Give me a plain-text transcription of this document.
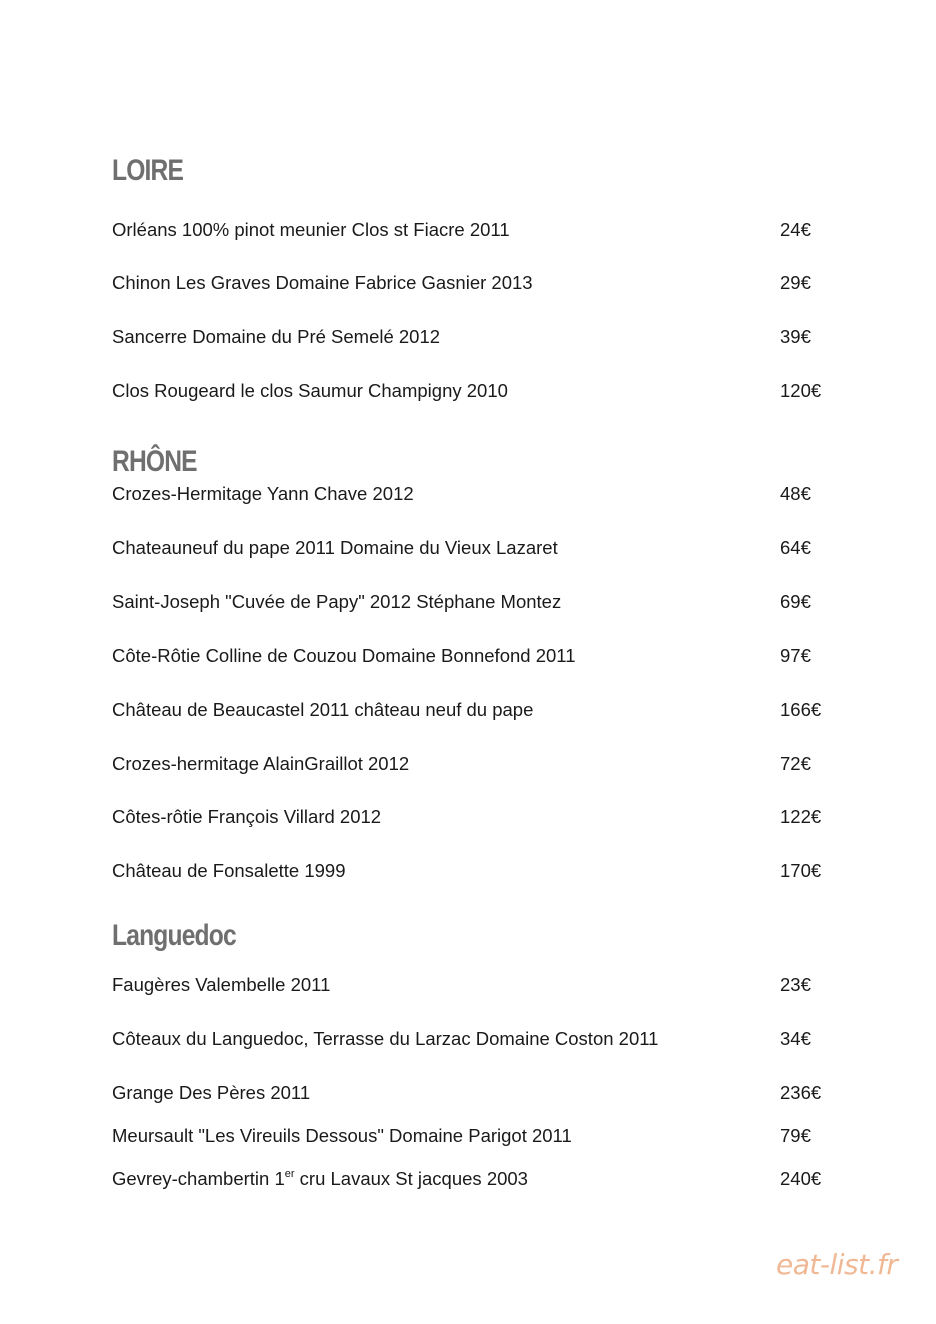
LOIRE
Orléans 100% pinot meunier Clos st Fiacre 2011	24€
Chinon Les Graves Domaine Fabrice Gasnier 2013	29€
Sancerre Domaine du Pré Semelé 2012	39€
Clos Rougeard le clos Saumur Champigny 2010	120€
RHÔNE
Crozes-Hermitage Yann Chave 2012	48€
Chateauneuf du pape 2011 Domaine du Vieux Lazaret	64€
Saint-Joseph "Cuvée de Papy" 2012 Stéphane Montez	69€
Côte-Rôtie Colline de Couzou Domaine Bonnefond 2011	97€
Château de Beaucastel 2011 château neuf du pape	166€
Crozes-hermitage AlainGraillot 2012	72€
Côtes-rôtie François Villard 2012	122€
Château de Fonsalette 1999	170€
Languedoc
Faugères Valembelle 2011	23€
Côteaux du Languedoc, Terrasse du Larzac Domaine Coston 2011	34€
Grange Des Pères 2011	236€
Meursault "Les Vireuils Dessous" Domaine Parigot 2011	79€
Gevrey-chambertin 1er cru Lavaux St jacques 2003	240€
eat-list.fr
